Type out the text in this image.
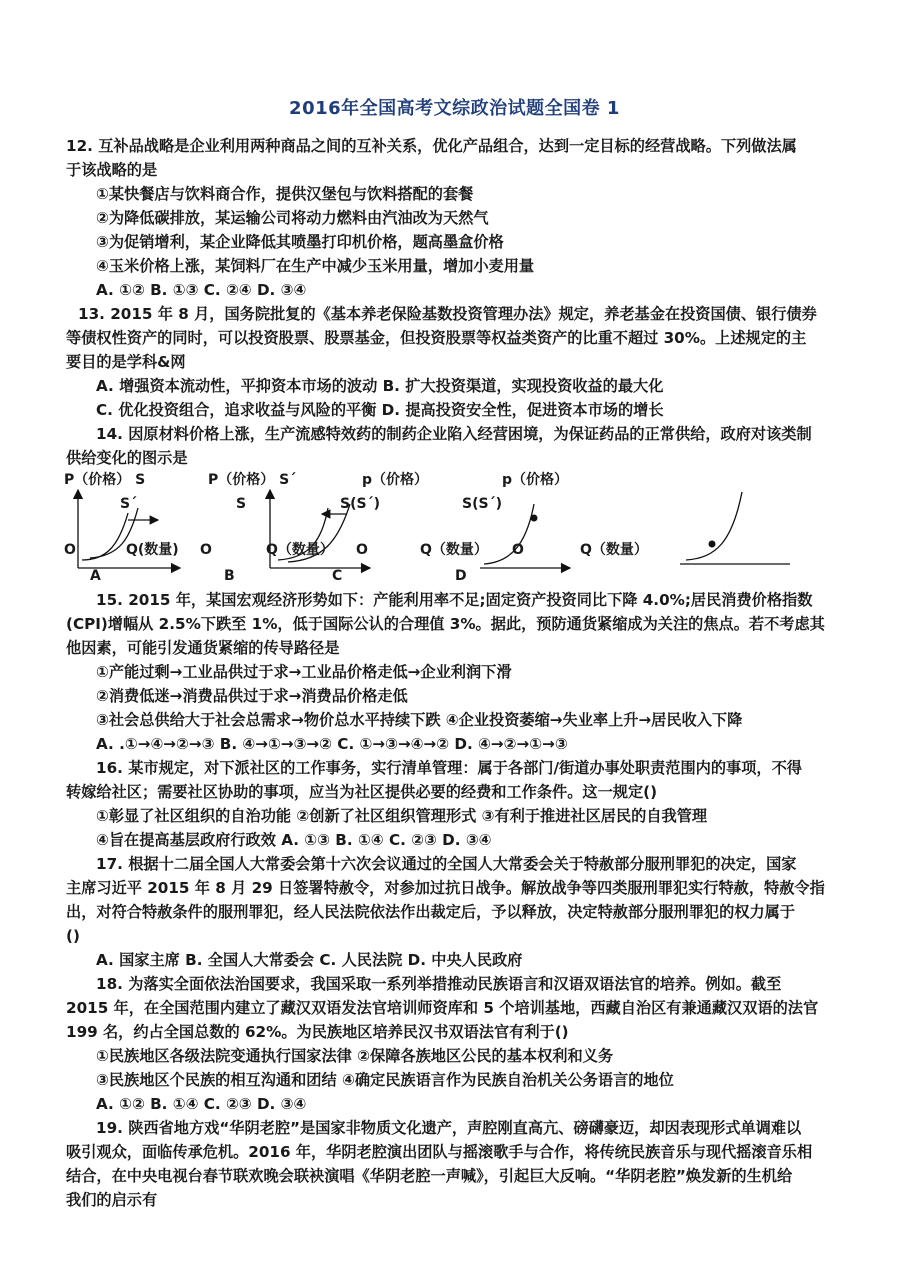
2016年全国高考文综政治试题全国卷 1
12. 互补品战略是企业利用两种商品之间的互补关系，优化产品组合，达到一定目标的经营战略。下列做法属
于该战略的是
①某快餐店与饮料商合作，提供汉堡包与饮料搭配的套餐
②为降低碳排放，某运输公司将动力燃料由汽油改为天然气
③为促销增利，某企业降低其喷墨打印机价格，题高墨盒价格
④玉米价格上涨，某饲料厂在生产中减少玉米用量，增加小麦用量
A. ①② B. ①③ C. ②④ D. ③④
13. 2015 年 8 月，国务院批复的《基本养老保险基数投资管理办法》规定，养老基金在投资国债、银行债券
等债权性资产的同时，可以投资股票、股票基金，但投资股票等权益类资产的比重不超过 30%。上述规定的主
要目的是学科&网
A. 增强资本流动性，平抑资本市场的波动 B. 扩大投资渠道，实现投资收益的最大化
C. 优化投资组合，追求收益与风险的平衡 D. 提高投资安全性，促进资本市场的增长
14. 因原材料价格上涨，生产流感特效药的制药企业陷入经营困境，为保证药品的正常供给，政府对该类制
供给变化的图示是
P（价格） S
S´
O	Q(数量)
A
P（价格） S´
S
O	Q（数量）
B
p（价格）
S(S´)
O	Q（数量）
C
p（价格）
S(S´)
O	Q（数量）
D
15. 2015 年，某国宏观经济形势如下：产能利用率不足;固定资产投资同比下降 4.0%;居民消费价格指数
(CPI)增幅从 2.5%下跌至 1%，低于国际公认的合理值 3%。据此，预防通货紧缩成为关注的焦点。若不考虑其
他因素，可能引发通货紧缩的传导路径是
①产能过剩→工业品供过于求→工业品价格走低→企业利润下滑
②消费低迷→消费品供过于求→消费品价格走低
③社会总供给大于社会总需求→物价总水平持续下跌 ④企业投资萎缩→失业率上升→居民收入下降
A. .①→④→②→③ B. ④→①→③→② C. ①→③→④→② D. ④→②→①→③
16. 某市规定，对下派社区的工作事务，实行清单管理：属于各部门/街道办事处职责范围内的事项，不得
转嫁给社区；需要社区协助的事项，应当为社区提供必要的经费和工作条件。这一规定()
①彰显了社区组织的自治功能 ②创新了社区组织管理形式 ③有利于推进社区居民的自我管理
④旨在提高基层政府行政效 A. ①③ B. ①④ C. ②③ D. ③④
17. 根据十二届全国人大常委会第十六次会议通过的全国人大常委会关于特赦部分服刑罪犯的决定，国家
主席习近平 2015 年 8 月 29 日签署特赦令，对参加过抗日战争。解放战争等四类服刑罪犯实行特赦，特赦令指
出，对符合特赦条件的服刑罪犯，经人民法院依法作出裁定后，予以释放，决定特赦部分服刑罪犯的权力属于
()
A. 国家主席 B. 全国人大常委会 C. 人民法院 D. 中央人民政府
18. 为落实全面依法治国要求，我国采取一系列举措推动民族语言和汉语双语法官的培养。例如。截至
2015 年，在全国范围内建立了藏汉双语发法官培训师资库和 5 个培训基地，西藏自治区有兼通藏汉双语的法官
199 名，约占全国总数的 62%。为民族地区培养民汉书双语法官有利于()
①民族地区各级法院变通执行国家法律 ②保障各族地区公民的基本权利和义务
③民族地区个民族的相互沟通和团结 ④确定民族语言作为民族自治机关公务语言的地位
A. ①② B. ①④ C. ②③ D. ③④
19. 陕西省地方戏“华阴老腔”是国家非物质文化遗产，声腔刚直高亢、磅礴豪迈，却因表现形式单调难以
吸引观众，面临传承危机。2016 年，华阴老腔演出团队与摇滚歌手与合作，将传统民族音乐与现代摇滚音乐相
结合，在中央电视台春节联欢晚会联袂演唱《华阴老腔一声喊》，引起巨大反响。“华阴老腔”焕发新的生机给
我们的启示有
